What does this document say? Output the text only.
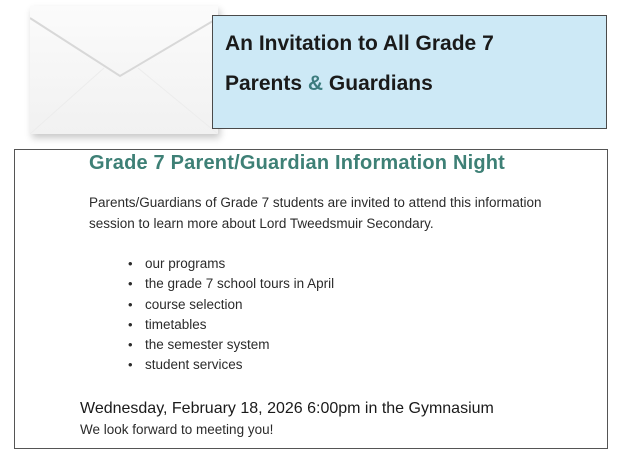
An Invitation to All Grade 7
Parents & Guardians
Grade 7 Parent/Guardian Information Night
Parents/Guardians of Grade 7 students are invited to attend this information session to learn more about Lord Tweedsmuir Secondary.
• our programs
• the grade 7 school tours in April
• course selection
• timetables
• the semester system
• student services
Wednesday, February 18, 2026 6:00pm in the Gymnasium
We look forward to meeting you!
